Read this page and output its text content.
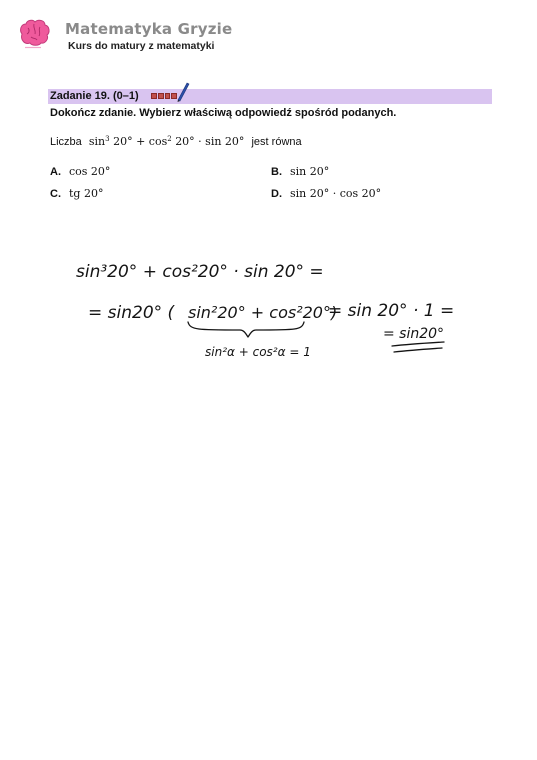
Matematyka Gryzie
Kurs do matury z matematyki
Zadanie 19. (0–1)
Dokończ zdanie. Wybierz właściwą odpowiedź spośród podanych.
Liczba $\sin^3 20^\circ + \cos^2 20^\circ \cdot \sin 20^\circ$ jest równa
A. cos 20°	B. sin 20°
C. tg 20°	D. sin 20° · cos 20°
sin³20° + cos²20° · sin 20° =
= sin20° ( sin²20° + cos²20°)
= sin 20° · 1 =
= sin20°
sin²α + cos²α = 1
